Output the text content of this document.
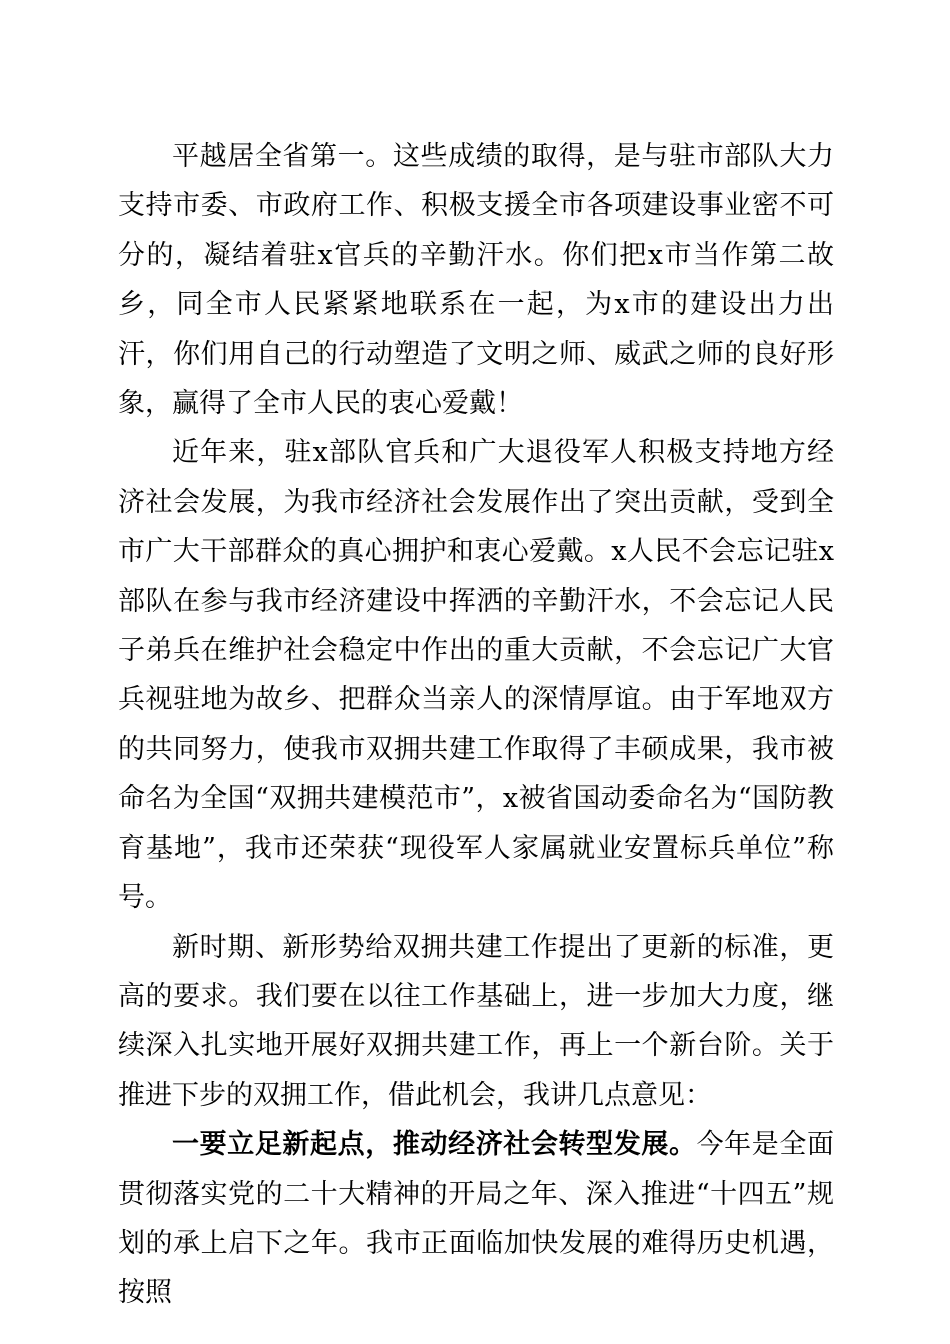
平越居全省第一。这些成绩的取得，是与驻市部队大力支持市委、市政府工作、积极支援全市各项建设事业密不可分的，凝结着驻x官兵的辛勤汗水。你们把x市当作第二故乡，同全市人民紧紧地联系在一起，为x市的建设出力出汗，你们用自己的行动塑造了文明之师、威武之师的良好形象，赢得了全市人民的衷心爱戴！

近年来，驻x部队官兵和广大退役军人积极支持地方经济社会发展，为我市经济社会发展作出了突出贡献，受到全市广大干部群众的真心拥护和衷心爱戴。x人民不会忘记驻x部队在参与我市经济建设中挥洒的辛勤汗水，不会忘记人民子弟兵在维护社会稳定中作出的重大贡献，不会忘记广大官兵视驻地为故乡、把群众当亲人的深情厚谊。由于军地双方的共同努力，使我市双拥共建工作取得了丰硕成果，我市被命名为全国“双拥共建模范市”，x被省国动委命名为“国防教育基地”，我市还荣获“现役军人家属就业安置标兵单位”称号。

新时期、新形势给双拥共建工作提出了更新的标准，更高的要求。我们要在以往工作基础上，进一步加大力度，继续深入扎实地开展好双拥共建工作，再上一个新台阶。关于推进下步的双拥工作，借此机会，我讲几点意见：

一要立足新起点，推动经济社会转型发展。今年是全面贯彻落实党的二十大精神的开局之年、深入推进“十四五”规划的承上启下之年。我市正面临加快发展的难得历史机遇，按照
